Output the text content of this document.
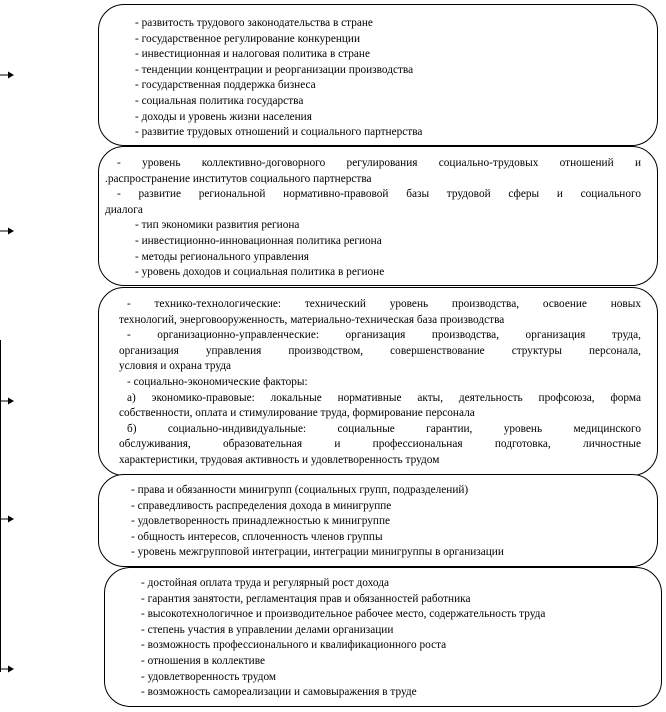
- развитость трудового законодательства в стране

- государственное регулирование конкуренции

- инвестиционная и налоговая политика в стране

- тенденции концентрации и реорганизации производства

- государственная поддержка бизнеса

- социальная политика государства

- доходы и уровень жизни населения

- развитие трудовых отношений и социального партнерства

- уровень коллективно-договорного регулирования социально-трудовых отношений и

.распространение институтов социального партнерства

- развитие региональной нормативно-правовой базы трудовой сферы и социального

диалога

- тип экономики развития региона

- инвестиционно-инновационная политика региона

- методы регионального управления

- уровень доходов и социальная политика в регионе

- технико-технологические: технический уровень производства, освоение новых

технологий, энерговооруженность, материально-техническая база производства

- организационно-управленческие: организация производства, организация труда,

организация управления производством, совершенствование структуры персонала,

условия и охрана труда

- социально-экономические факторы:

а) экономико-правовые: локальные нормативные акты, деятельность профсоюза, форма

собственности, оплата и стимулирование труда, формирование персонала

б) социально-индивидуальные: социальные гарантии, уровень медицинского

обслуживания, образовательная и профессиональная подготовка, личностные

характеристики, трудовая активность и удовлетворенность трудом

- права и обязанности минигрупп (социальных групп, подразделений)

- справедливость распределения дохода в минигруппе

- удовлетворенность принадлежностью к минигруппе

- общность интересов, сплоченность членов группы

- уровень межгрупповой интеграции, интеграции минигруппы в организации

- достойная оплата труда и регулярный рост дохода

- гарантия занятости, регламентация прав и обязанностей работника

- высокотехнологичное и производительное рабочее место, содержательность труда

- степень участия в управлении делами организации

- возможность профессионального и квалификационного роста

- отношения в коллективе

- удовлетворенность трудом

- возможность самореализации и самовыражения в труде
